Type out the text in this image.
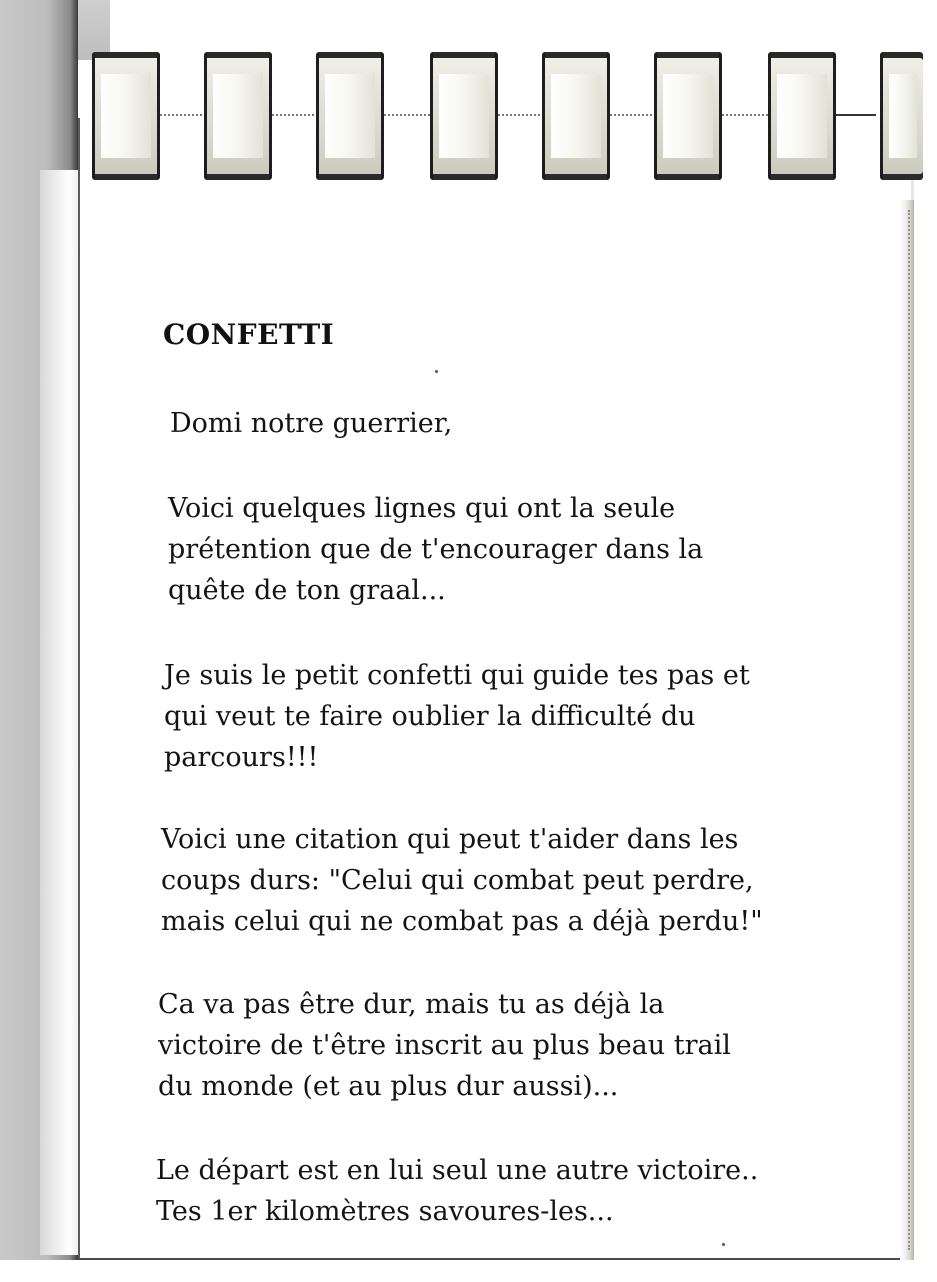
CONFETTI

Domi notre guerrier,

Voici quelques lignes qui ont la seule
prétention que de t'encourager dans la
quête de ton graal...

Je suis le petit confetti qui guide tes pas et
qui veut te faire oublier la difficulté du
parcours!!!

Voici une citation qui peut t'aider dans les
coups durs: "Celui qui combat peut perdre,
mais celui qui ne combat pas a déjà perdu!"

Ca va pas être dur, mais tu as déjà la
victoire de t'être inscrit au plus beau trail
du monde (et au plus dur aussi)...

Le départ est en lui seul une autre victoire..
Tes 1er kilomètres savoures-les...
